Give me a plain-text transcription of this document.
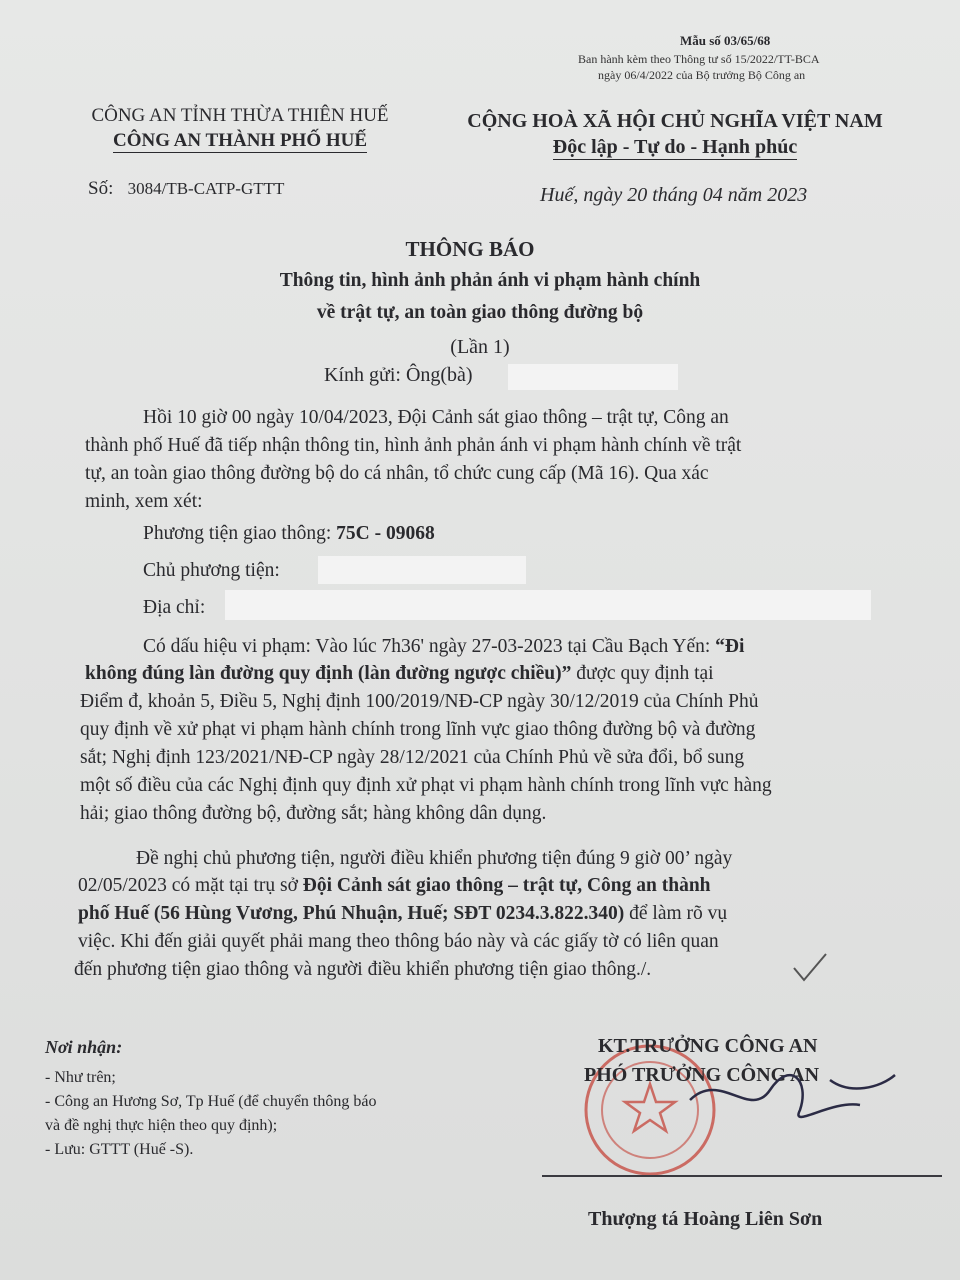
Mẫu số 03/65/68
Ban hành kèm theo Thông tư số 15/2022/TT-BCA
ngày 06/4/2022 của Bộ trưởng Bộ Công an
CÔNG AN TỈNH THỪA THIÊN HUẾ
CÔNG AN THÀNH PHỐ HUẾ
Số: 3084/TB-CATP-GTTT
CỘNG HOÀ XÃ HỘI CHỦ NGHĨA VIỆT NAM
Độc lập - Tự do - Hạnh phúc
Huế, ngày 20 tháng 04 năm 2023
THÔNG BÁO
Thông tin, hình ảnh phản ánh vi phạm hành chính
về trật tự, an toàn giao thông đường bộ
(Lần 1)
Kính gửi: Ông(bà)
Hồi 10 giờ 00 ngày 10/04/2023, Đội Cảnh sát giao thông – trật tự, Công an
thành phố Huế đã tiếp nhận thông tin, hình ảnh phản ánh vi phạm hành chính về trật
tự, an toàn giao thông đường bộ do cá nhân, tổ chức cung cấp (Mã 16). Qua xác
minh, xem xét:
Phương tiện giao thông: 75C - 09068
Chủ phương tiện:
Địa chỉ:
Có dấu hiệu vi phạm: Vào lúc 7h36' ngày 27-03-2023 tại Cầu Bạch Yến: “Đi
không đúng làn đường quy định (làn đường ngược chiều)” được quy định tại
Điểm đ, khoản 5, Điều 5, Nghị định 100/2019/NĐ-CP ngày 30/12/2019 của Chính Phủ
quy định về xử phạt vi phạm hành chính trong lĩnh vực giao thông đường bộ và đường
sắt; Nghị định 123/2021/NĐ-CP ngày 28/12/2021 của Chính Phủ về sửa đổi, bổ sung
một số điều của các Nghị định quy định xử phạt vi phạm hành chính trong lĩnh vực hàng
hải; giao thông đường bộ, đường sắt; hàng không dân dụng.
Đề nghị chủ phương tiện, người điều khiển phương tiện đúng 9 giờ 00’ ngày
02/05/2023 có mặt tại trụ sở Đội Cảnh sát giao thông – trật tự, Công an thành
phố Huế (56 Hùng Vương, Phú Nhuận, Huế; SĐT 0234.3.822.340) để làm rõ vụ
việc. Khi đến giải quyết phải mang theo thông báo này và các giấy tờ có liên quan
đến phương tiện giao thông và người điều khiển phương tiện giao thông./.
Nơi nhận:
- Như trên;
- Công an Hương Sơ, Tp Huế (để chuyển thông báo
và đề nghị thực hiện theo quy định);
- Lưu: GTTT (Huế -S).
KT.TRƯỞNG CÔNG AN
PHÓ TRƯỞNG CÔNG AN
Thượng tá Hoàng Liên Sơn
